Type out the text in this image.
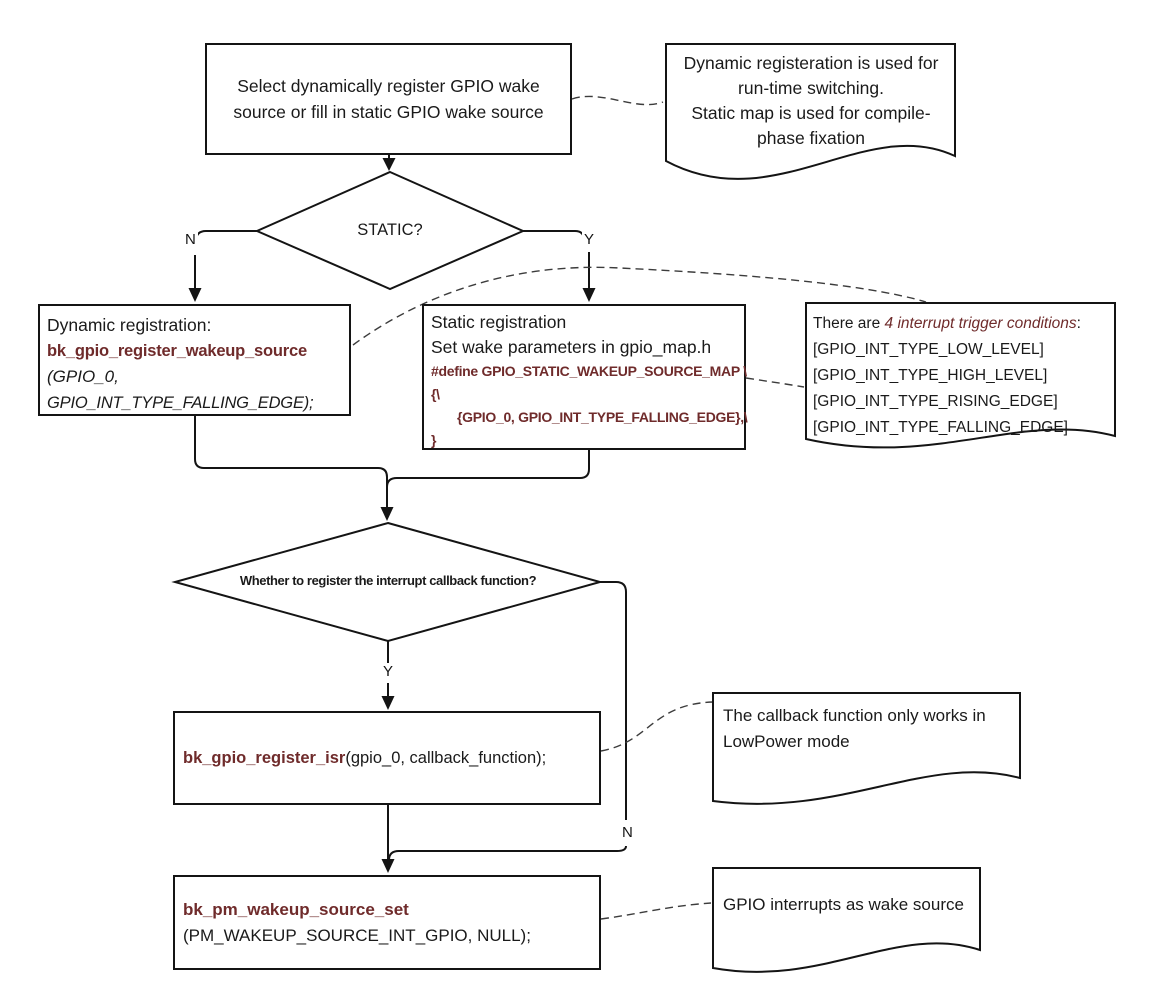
Select dynamically register GPIO wake source or fill in static GPIO wake source
Dynamic registration:
bk_gpio_register_wakeup_source
(GPIO_0,
GPIO_INT_TYPE_FALLING_EDGE);
Static registration
Set wake parameters in gpio_map.h
#define GPIO_STATIC_WAKEUP_SOURCE_MAP \
{\
{GPIO_0, GPIO_INT_TYPE_FALLING_EDGE},\
}
bk_gpio_register_isr(gpio_0, callback_function);
bk_pm_wakeup_source_set
(PM_WAKEUP_SOURCE_INT_GPIO, NULL);
STATIC?
Whether to register the interrupt callback function?
N	Y
Y
N
Dynamic registeration is used for run-time switching.
Static map is used for compile-phase fixation
There are 4 interrupt trigger conditions:
[GPIO_INT_TYPE_LOW_LEVEL]
[GPIO_INT_TYPE_HIGH_LEVEL]
[GPIO_INT_TYPE_RISING_EDGE]
[GPIO_INT_TYPE_FALLING_EDGE]
The callback function only works in LowPower mode
GPIO interrupts as wake source
